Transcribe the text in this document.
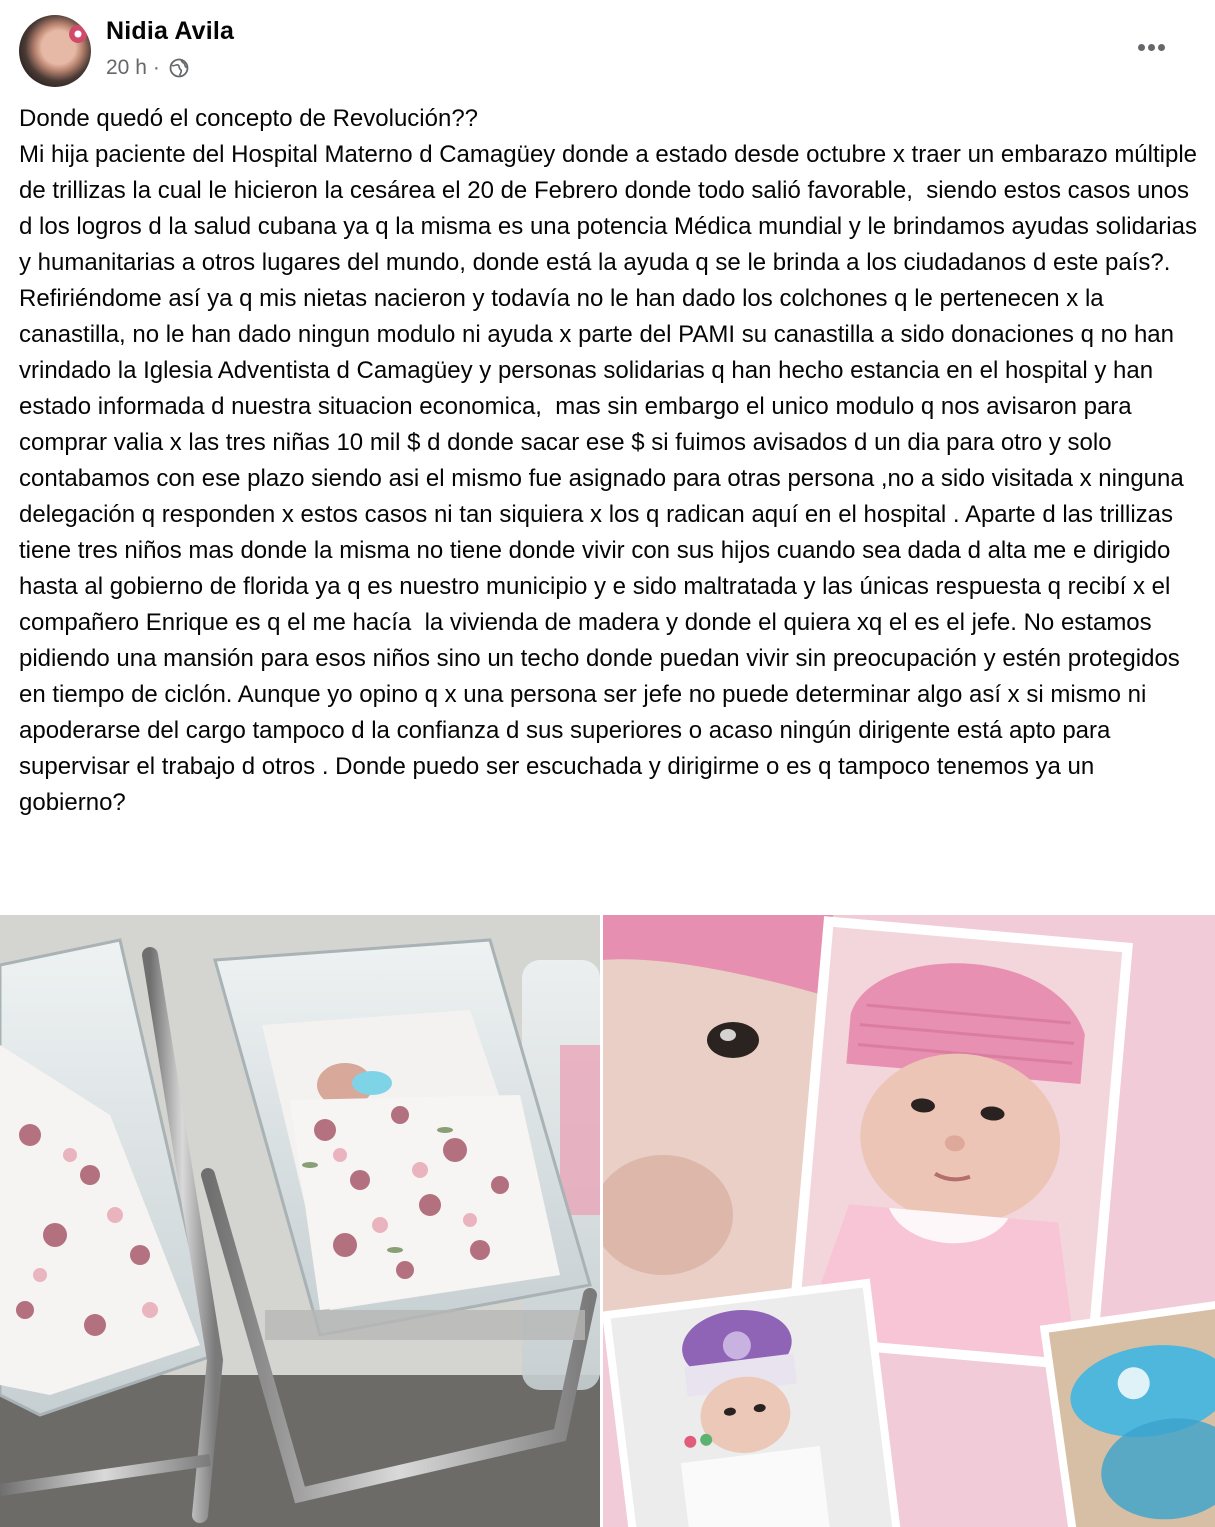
Nidia Avila
20 h ·

Donde quedó el concepto de Revolución??
Mi hija paciente del Hospital Materno d Camagüey donde a estado desde octubre x traer un embarazo múltiple de trillizas la cual le hicieron la cesárea el 20 de Febrero donde todo salió favorable,  siendo estos casos unos d los logros d la salud cubana ya q la misma es una potencia Médica mundial y le brindamos ayudas solidarias y humanitarias a otros lugares del mundo, donde está la ayuda q se le brinda a los ciudadanos d este país?. Refiriéndome así ya q mis nietas nacieron y todavía no le han dado los colchones q le pertenecen x la canastilla, no le han dado ningun modulo ni ayuda x parte del PAMI su canastilla a sido donaciones q no han vrindado la Iglesia Adventista d Camagüey y personas solidarias q han hecho estancia en el hospital y han estado informada d nuestra situacion economica,  mas sin embargo el unico modulo q nos avisaron para comprar valia x las tres niñas 10 mil $ d donde sacar ese $ si fuimos avisados d un dia para otro y solo contabamos con ese plazo siendo asi el mismo fue asignado para otras persona ,no a sido visitada x ninguna delegación q responden x estos casos ni tan siquiera x los q radican aquí en el hospital . Aparte d las trillizas tiene tres niños mas donde la misma no tiene donde vivir con sus hijos cuando sea dada d alta me e dirigido hasta al gobierno de florida ya q es nuestro municipio y e sido maltratada y las únicas respuesta q recibí x el compañero Enrique es q el me hacía  la vivienda de madera y donde el quiera xq el es el jefe. No estamos pidiendo una mansión para esos niños sino un techo donde puedan vivir sin preocupación y estén protegidos en tiempo de ciclón. Aunque yo opino q x una persona ser jefe no puede determinar algo así x si mismo ni apoderarse del cargo tampoco d la confianza d sus superiores o acaso ningún dirigente está apto para supervisar el trabajo d otros . Donde puedo ser escuchada y dirigirme o es q tampoco tenemos ya un gobierno?
